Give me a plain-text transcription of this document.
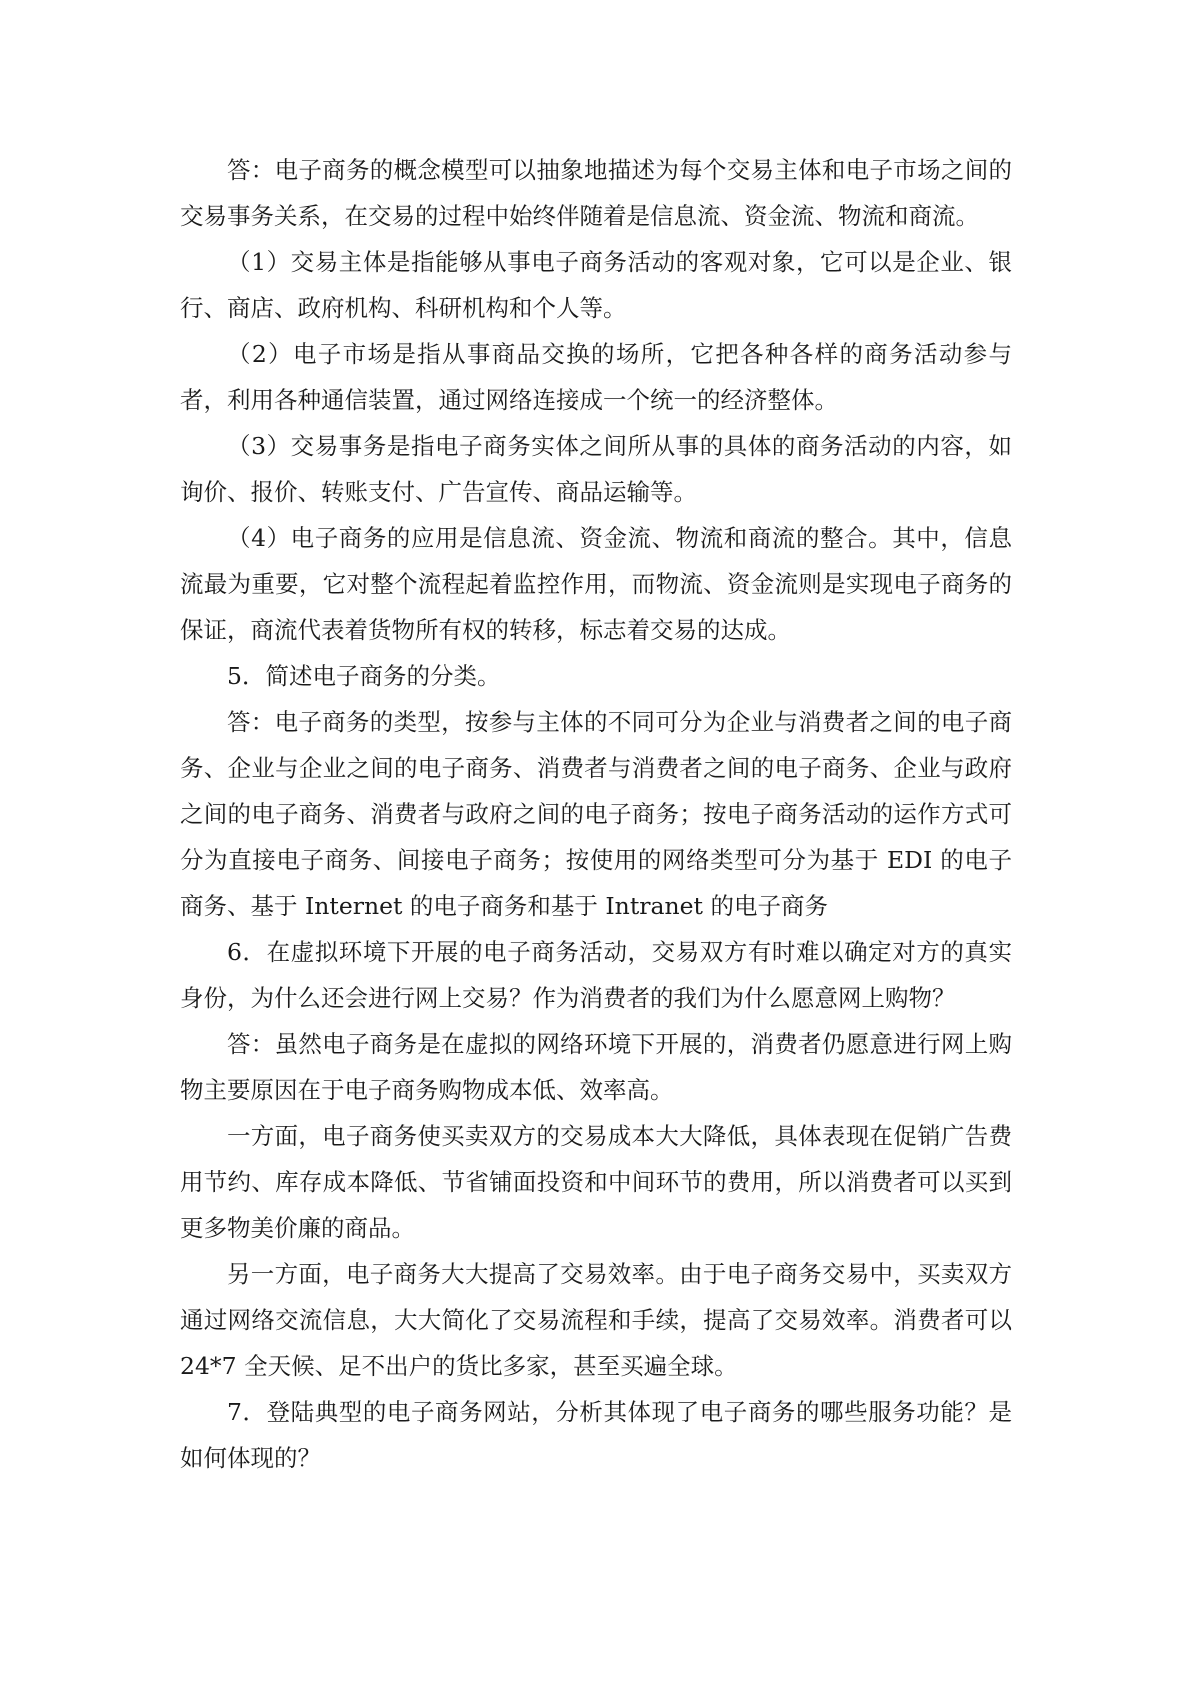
答：电子商务的概念模型可以抽象地描述为每个交易主体和电子市场之间的交易事务关系，在交易的过程中始终伴随着是信息流、资金流、物流和商流。

（1）交易主体是指能够从事电子商务活动的客观对象，它可以是企业、银行、商店、政府机构、科研机构和个人等。

（2）电子市场是指从事商品交换的场所，它把各种各样的商务活动参与者，利用各种通信装置，通过网络连接成一个统一的经济整体。

（3）交易事务是指电子商务实体之间所从事的具体的商务活动的内容，如询价、报价、转账支付、广告宣传、商品运输等。

（4）电子商务的应用是信息流、资金流、物流和商流的整合。其中，信息流最为重要，它对整个流程起着监控作用，而物流、资金流则是实现电子商务的保证，商流代表着货物所有权的转移，标志着交易的达成。

5．简述电子商务的分类。

答：电子商务的类型，按参与主体的不同可分为企业与消费者之间的电子商务、企业与企业之间的电子商务、消费者与消费者之间的电子商务、企业与政府之间的电子商务、消费者与政府之间的电子商务；按电子商务活动的运作方式可分为直接电子商务、间接电子商务；按使用的网络类型可分为基于 EDI 的电子商务、基于 Internet 的电子商务和基于 Intranet 的电子商务

6．在虚拟环境下开展的电子商务活动，交易双方有时难以确定对方的真实身份，为什么还会进行网上交易？作为消费者的我们为什么愿意网上购物？

答：虽然电子商务是在虚拟的网络环境下开展的，消费者仍愿意进行网上购物主要原因在于电子商务购物成本低、效率高。

一方面，电子商务使买卖双方的交易成本大大降低，具体表现在促销广告费用节约、库存成本降低、节省铺面投资和中间环节的费用，所以消费者可以买到更多物美价廉的商品。

另一方面，电子商务大大提高了交易效率。由于电子商务交易中，买卖双方通过网络交流信息，大大简化了交易流程和手续，提高了交易效率。消费者可以 24*7 全天候、足不出户的货比多家，甚至买遍全球。

7．登陆典型的电子商务网站，分析其体现了电子商务的哪些服务功能？是如何体现的？
